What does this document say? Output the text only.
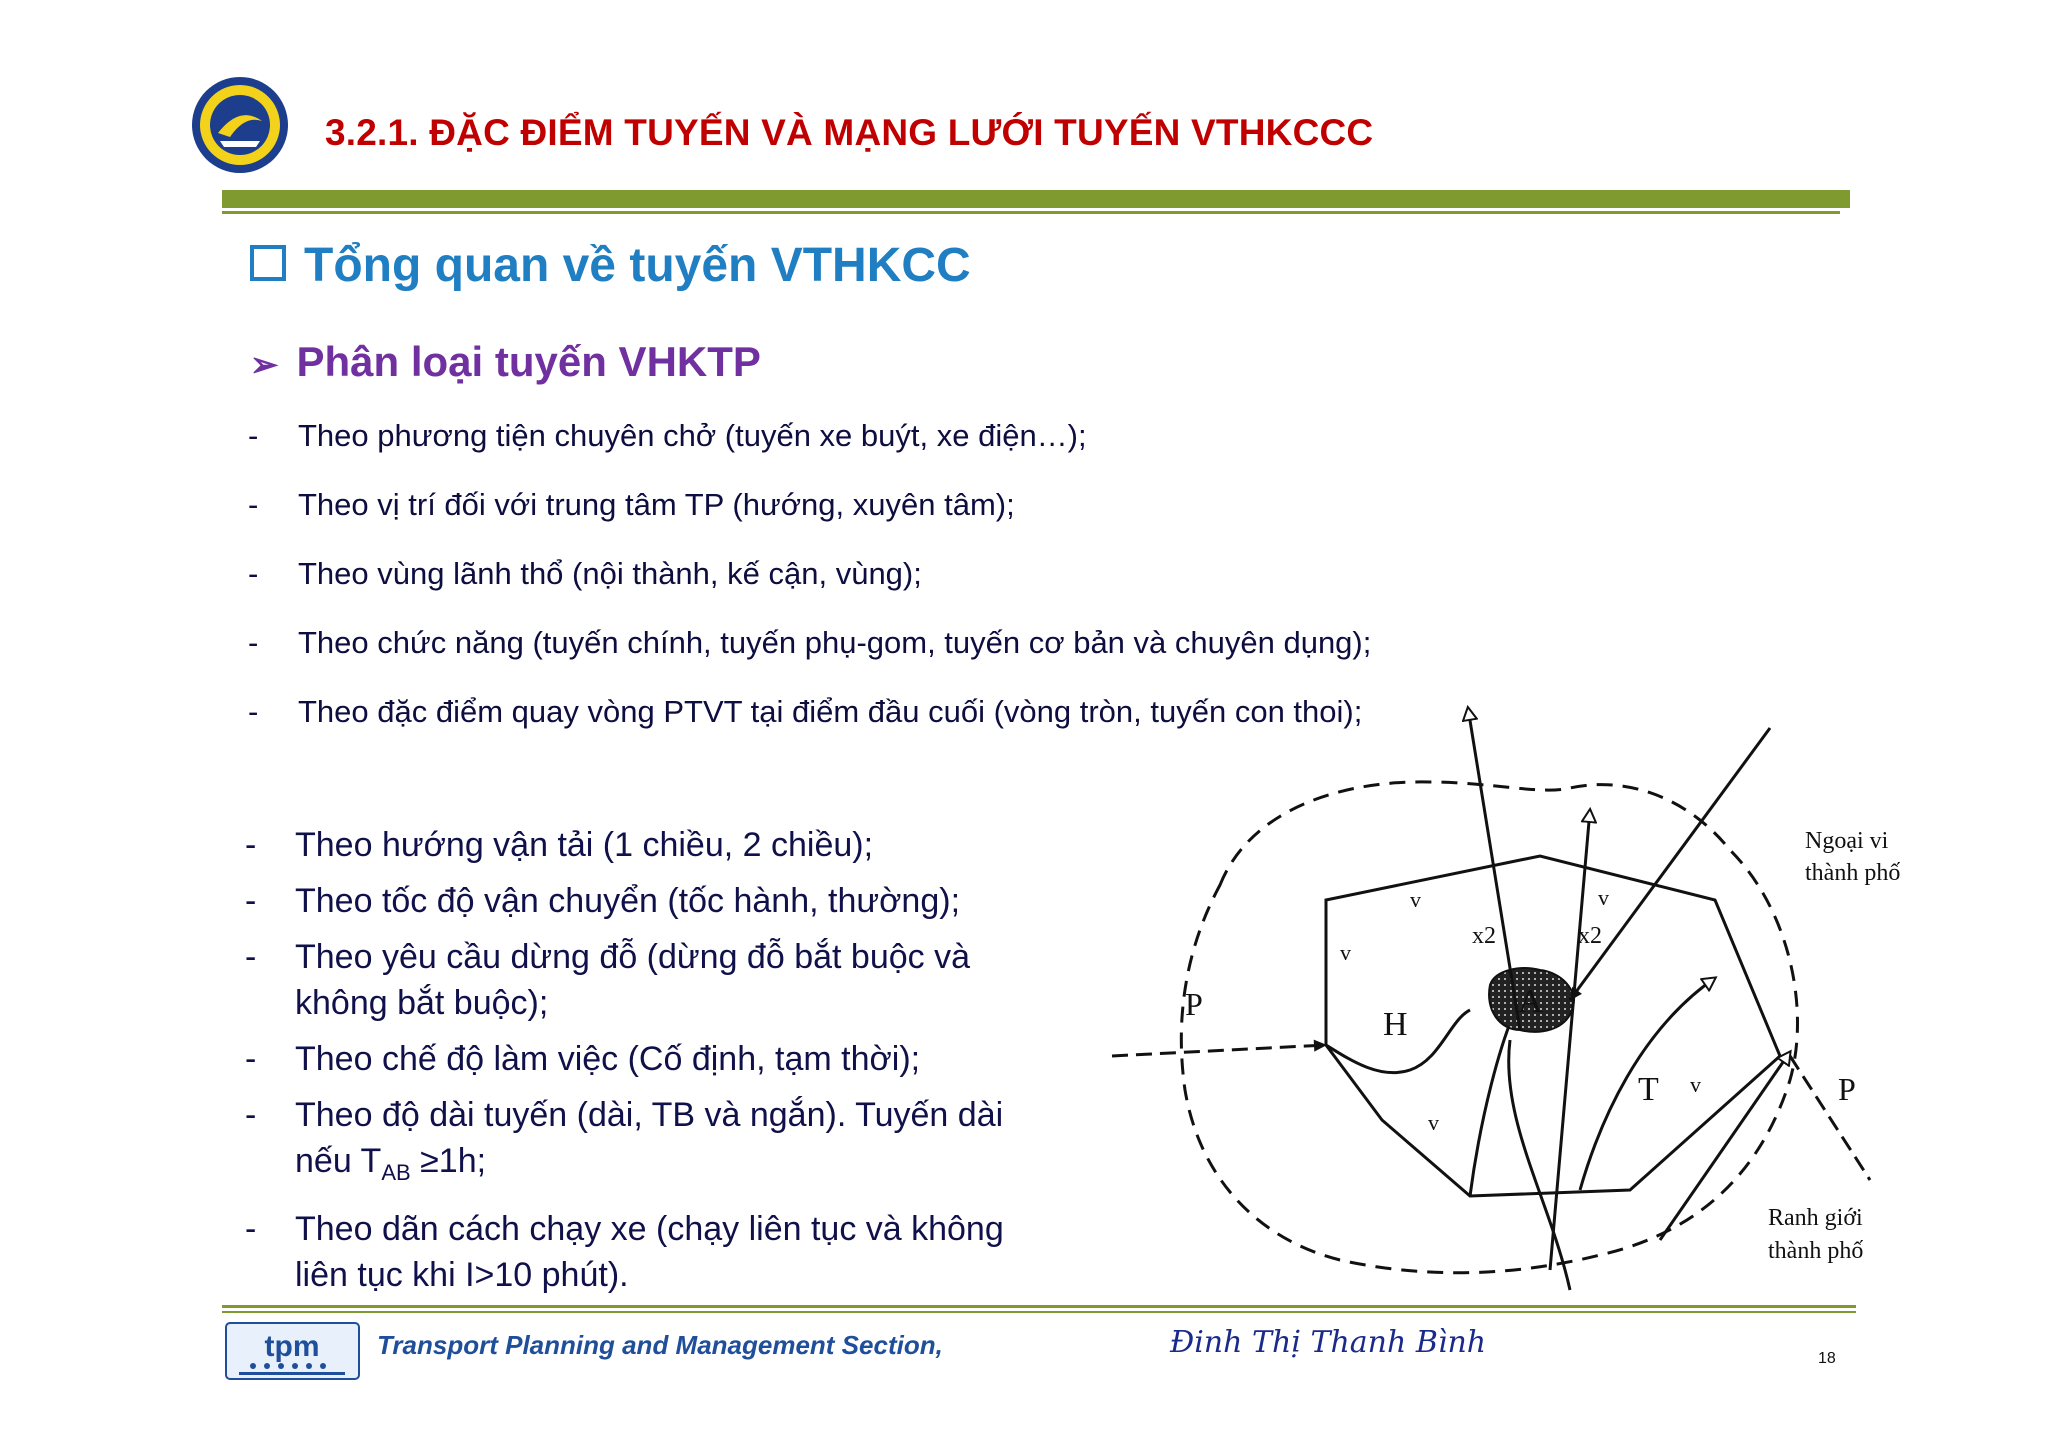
3.2.1. ĐẶC ĐIỂM TUYẾN VÀ MẠNG LƯỚI TUYẾN VTHKCCC
Tổng quan về tuyến VTHKCC
➢ Phân loại tuyến VHKTP
- Theo phương tiện chuyên chở (tuyến xe buýt, xe điện…);
- Theo vị trí đối với trung tâm TP (hướng, xuyên tâm);
- Theo vùng lãnh thổ (nội thành, kế cận, vùng);
- Theo chức năng (tuyến chính, tuyến phụ-gom, tuyến cơ bản và chuyên dụng);
- Theo đặc điểm quay vòng PTVT tại điểm đầu cuối (vòng tròn, tuyến con thoi);
- Theo hướng vận tải (1 chiều, 2 chiều);
- Theo tốc độ vận chuyển (tốc hành, thường);
- Theo yêu cầu dừng đỗ (dừng đỗ bắt buộc và không bắt buộc);
- Theo chế độ làm việc (Cố định, tạm thời);
- Theo độ dài tuyến (dài, TB và ngắn). Tuyến dài nếu $T_{AB} \ge 1h$;
- Theo dãn cách chạy xe (chạy liên tục và không liên tục khi I>10 phút).
Ngoại vi
thành phố
Ranh giới
thành phố
P
P
H
A
T
x2	x2
v	v
v
v
v
tpm Transport Planning and Management Section,	Đinh Thị Thanh Bình	18
